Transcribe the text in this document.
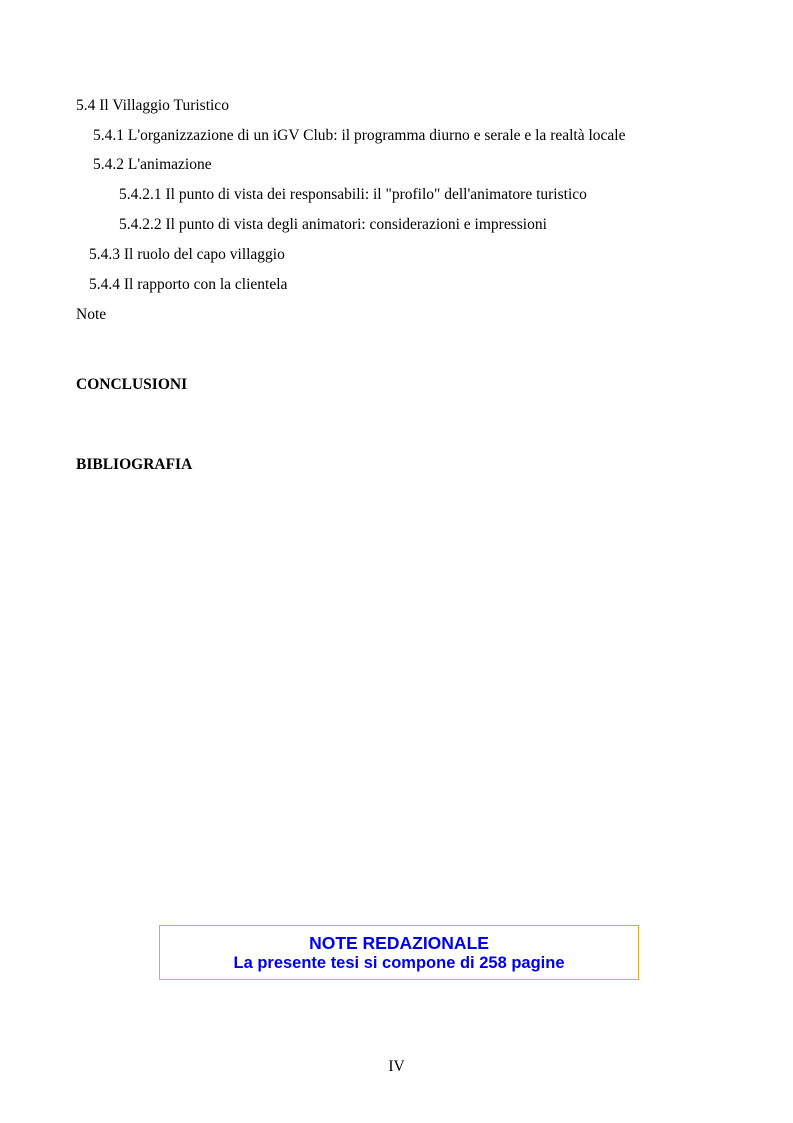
5.4 Il Villaggio Turistico
5.4.1 L'organizzazione di un iGV Club: il programma diurno e serale e la realtà locale
5.4.2 L'animazione
5.4.2.1 Il punto di vista dei responsabili: il "profilo" dell'animatore turistico
5.4.2.2 Il punto di vista degli animatori: considerazioni e impressioni
5.4.3 Il ruolo del capo villaggio
5.4.4 Il rapporto con la clientela
Note
CONCLUSIONI
BIBLIOGRAFIA
NOTE REDAZIONALE
La presente tesi si compone di 258 pagine
IV
